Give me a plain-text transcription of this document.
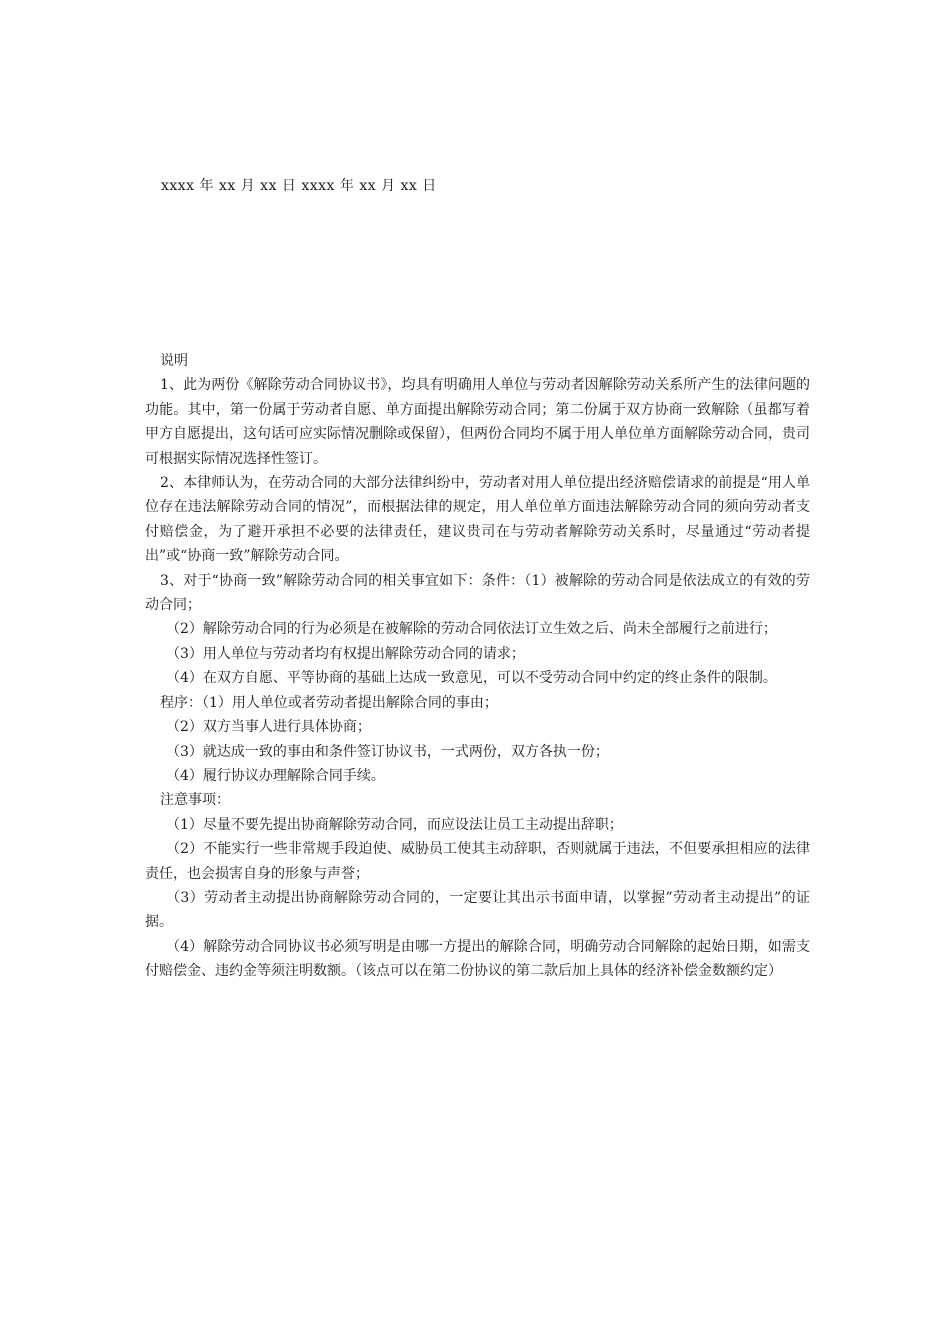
xxxx 年 xx 月 xx 日 xxxx 年 xx 月 xx 日

说明

1、此为两份《解除劳动合同协议书》，均具有明确用人单位与劳动者因解除劳动关系所产生的法律问题的功能。其中，第一份属于劳动者自愿、单方面提出解除劳动合同；第二份属于双方协商一致解除（虽都写着甲方自愿提出，这句话可应实际情况删除或保留），但两份合同均不属于用人单位单方面解除劳动合同，贵司可根据实际情况选择性签订。

2、本律师认为，在劳动合同的大部分法律纠纷中，劳动者对用人单位提出经济赔偿请求的前提是“用人单位存在违法解除劳动合同的情况”，而根据法律的规定，用人单位单方面违法解除劳动合同的须向劳动者支付赔偿金，为了避开承担不必要的法律责任，建议贵司在与劳动者解除劳动关系时，尽量通过“劳动者提出”或“协商一致”解除劳动合同。

3、对于“协商一致”解除劳动合同的相关事宜如下：条件：（1）被解除的劳动合同是依法成立的有效的劳动合同；

（2）解除劳动合同的行为必须是在被解除的劳动合同依法订立生效之后、尚未全部履行之前进行；

（3）用人单位与劳动者均有权提出解除劳动合同的请求；

（4）在双方自愿、平等协商的基础上达成一致意见，可以不受劳动合同中约定的终止条件的限制。

程序：（1）用人单位或者劳动者提出解除合同的事由；

（2）双方当事人进行具体协商；

（3）就达成一致的事由和条件签订协议书，一式两份，双方各执一份；

（4）履行协议办理解除合同手续。

注意事项：

（1）尽量不要先提出协商解除劳动合同，而应设法让员工主动提出辞职；

（2）不能实行一些非常规手段迫使、威胁员工使其主动辞职，否则就属于违法，不但要承担相应的法律责任，也会损害自身的形象与声誉；

（3）劳动者主动提出协商解除劳动合同的，一定要让其出示书面申请，以掌握”劳动者主动提出”的证据。

（4）解除劳动合同协议书必须写明是由哪一方提出的解除合同，明确劳动合同解除的起始日期，如需支付赔偿金、违约金等须注明数额。（该点可以在第二份协议的第二款后加上具体的经济补偿金数额约定）
